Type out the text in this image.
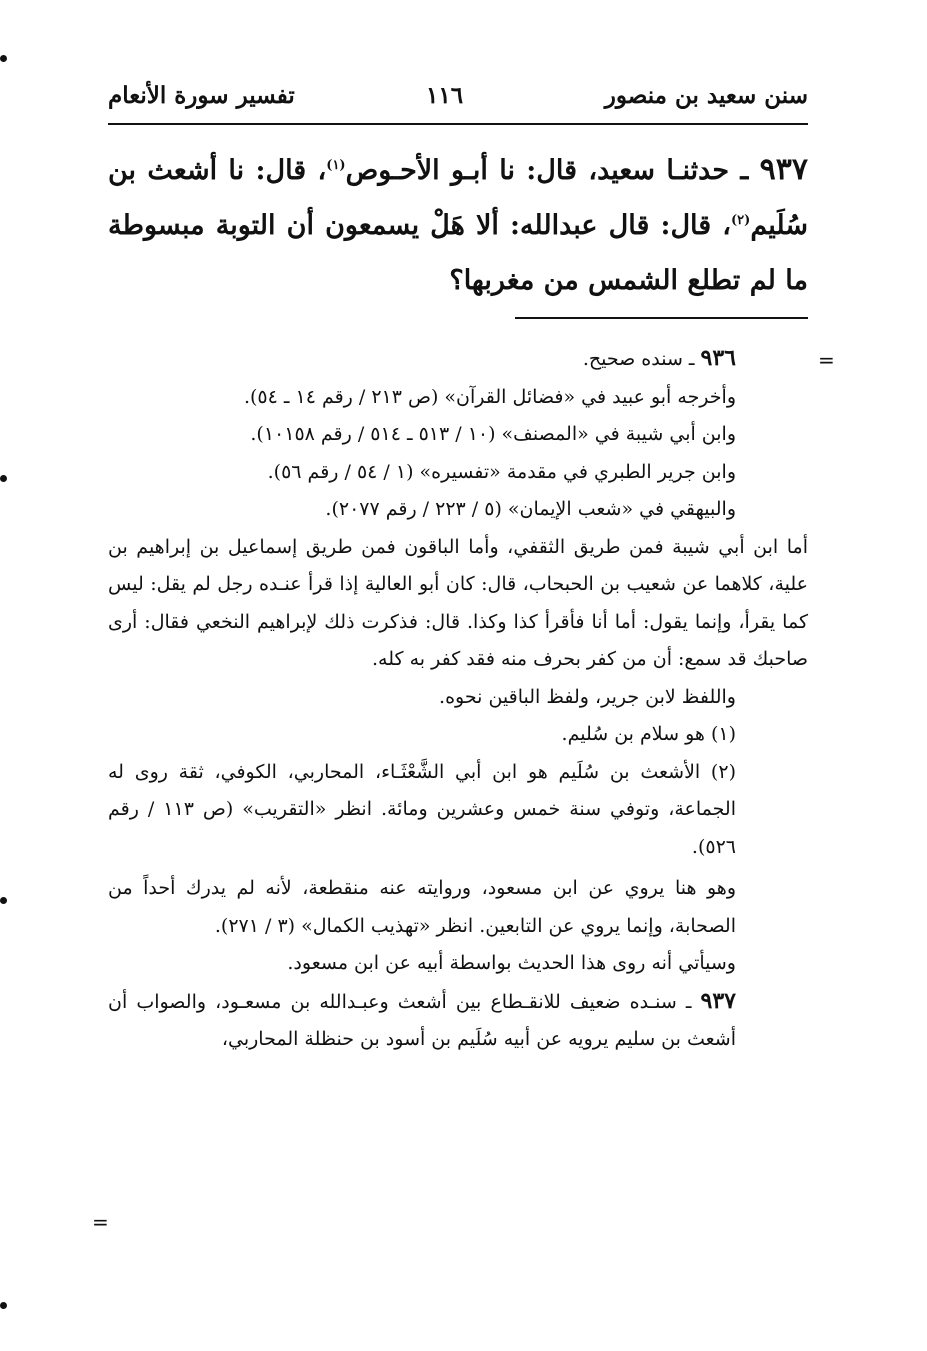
سنن سعيد بن منصور
١١٦
تفسير سورة الأنعام

٩٣٧ ـ حدثنـا سعيد، قال: نا أبـو الأحـوص$^{(١)}$، قال: نا أشعث بن سُلَيم$^{(٢)}$، قال: قال عبدالله: ألا هَلْ يسمعون أن التوبة مبسوطة ما لم تطلع الشمس من مغربها؟

=

٩٣٦ ـ سنده صحيح.

وأخرجه أبو عبيد في «فضائل القرآن» (ص ٢١٣ / رقم ١٤ ـ ٥٤).

وابن أبي شيبة في «المصنف» (١٠ / ٥١٣ ـ ٥١٤ / رقم ١٠١٥٨).

وابن جرير الطبري في مقدمة «تفسيره» (١ / ٥٤ / رقم ٥٦).

والبيهقي في «شعب الإيمان» (٥ / ٢٢٣ / رقم ٢٠٧٧).

أما ابن أبي شيبة فمن طريق الثقفي، وأما الباقون فمن طريق إسماعيل بن إبراهيم بن علية، كلاهما عن شعيب بن الحبحاب، قال: كان أبو العالية إذا قرأ عنـده رجل لم يقل: ليس كما يقرأ، وإنما يقول: أما أنا فأقرأ كذا وكذا. قال: فذكرت ذلك لإبراهيم النخعي فقال: أرى صاحبك قد سمع: أن من كفر بحرف منه فقد كفر به كله.

واللفظ لابن جرير، ولفظ الباقين نحوه.

(١) هو سلام بن سُليم.

(٢) الأشعث بن سُلَيم هو ابن أبي الشَّعْثَـاء، المحاربي، الكوفي، ثقة روى له الجماعة، وتوفي سنة خمس وعشرين ومائة. انظر «التقريب» (ص ١١٣ / رقم ٥٢٦).

وهو هنا يروي عن ابن مسعود، وروايته عنه منقطعة، لأنه لم يدرك أحداً من الصحابة، وإنما يروي عن التابعين. انظر «تهذيب الكمال» (٣ / ٢٧١).

وسيأتي أنه روى هذا الحديث بواسطة أبيه عن ابن مسعود.

٩٣٧ ـ سنـده ضعيف للانقـطاع بين أشعث وعبـدالله بن مسعـود، والصواب أن أشعث بن سليم يرويه عن أبيه سُلَيم بن أسود بن حنظلة المحاربي،

=
